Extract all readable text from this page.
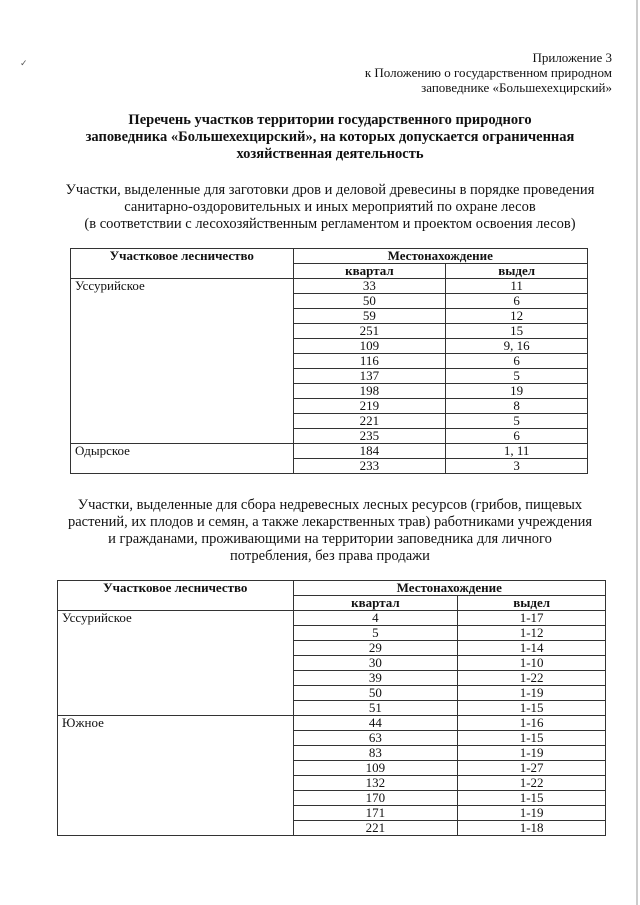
✓	Приложение 3
к Положению о государственном природном
заповеднике «Большехехцирский»
Перечень участков территории государственного природного
заповедника «Большехехцирский», на которых допускается ограниченная
хозяйственная деятельность
Участки, выделенные для заготовки дров и деловой древесины в порядке проведения
санитарно-оздоровительных и иных мероприятий по охране лесов
(в соответствии с лесохозяйственным регламентом и проектом освоения лесов)
Участковое лесничество	Местонахождение	
	квартал	выдел
Уссурийское	33	11
	50	6
	59	12
	251	15
	109	9, 16
	116	6
	137	5
	198	19
	219	8
	221	5
	235	6
Одырское	184	1, 11
	233	3
Участки, выделенные для сбора недревесных лесных ресурсов (грибов, пищевых
растений, их плодов и семян, а также лекарственных трав) работниками учреждения
и гражданами, проживающими на территории заповедника для личного
потребления, без права продажи
Участковое лесничество	Местонахождение	
	квартал	выдел
Уссурийское	4	1-17
	5	1-12
	29	1-14
	30	1-10
	39	1-22
	50	1-19
	51	1-15
Южное	44	1-16
	63	1-15
	83	1-19
	109	1-27
	132	1-22
	170	1-15
	171	1-19
	221	1-18
